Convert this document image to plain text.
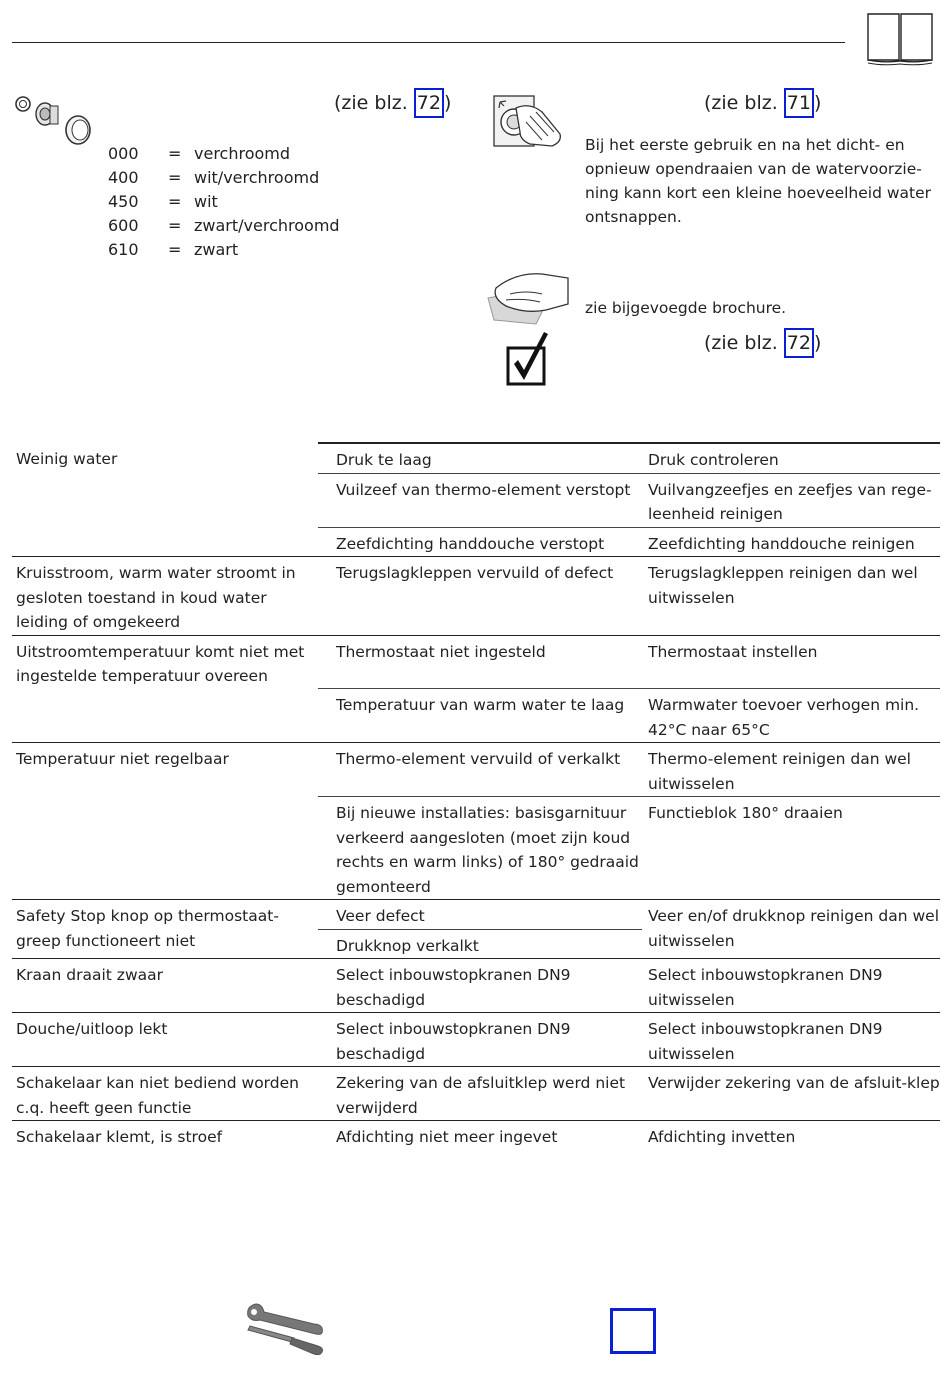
(zie blz. 72 )
000	= verchroomd
400	= wit/verchroomd
450	= wit
600	= zwart/verchroomd
610	= zwart
(zie blz. 71 )
Bij het eerste gebruik en na het dicht- en opnieuw opendraaien van de watervoorzie-ning kann kort een kleine hoeveelheid water ontsnappen.
zie bijgevoegde brochure.
(zie blz. 72 )
Weinig water	Druk te laag	Druk controleren
	Vuilzeef van thermo-element verstopt	Vuilvangzeefjes en zeefjes van rege-leenheid reinigen
	Zeefdichting handdouche verstopt	Zeefdichting handdouche reinigen
Kruisstroom, warm water stroomt in gesloten toestand in koud water leiding of omgekeerd	Terugslagkleppen vervuild of defect	Terugslagkleppen reinigen dan wel uitwisselen
Uitstroomtemperatuur komt niet met ingestelde temperatuur overeen	Thermostaat niet ingesteld	Thermostaat instellen
	Temperatuur van warm water te laag	Warmwater toevoer verhogen min. 42°C naar 65°C
Temperatuur niet regelbaar	Thermo-element vervuild of verkalkt	Thermo-element reinigen dan wel uitwisselen
	Bij nieuwe installaties: basisgarnituur verkeerd aangesloten (moet zijn koud rechts en warm links) of 180° gedraaid gemonteerd	Functieblok 180° draaien
Safety Stop knop op thermostaat-greep functioneert niet	Veer defect	Veer en/of drukknop reinigen dan wel uitwisselen
	Drukknop verkalkt	
Kraan draait zwaar	Select inbouwstopkranen DN9 beschadigd	Select inbouwstopkranen DN9 uitwisselen
Douche/uitloop lekt	Select inbouwstopkranen DN9 beschadigd	Select inbouwstopkranen DN9 uitwisselen
Schakelaar kan niet bediend worden c.q. heeft geen functie	Zekering van de afsluitklep werd niet verwijderd	Verwijder zekering van de afsluit-klep
Schakelaar klemt, is stroef	Afdichting niet meer ingevet	Afdichting invetten
